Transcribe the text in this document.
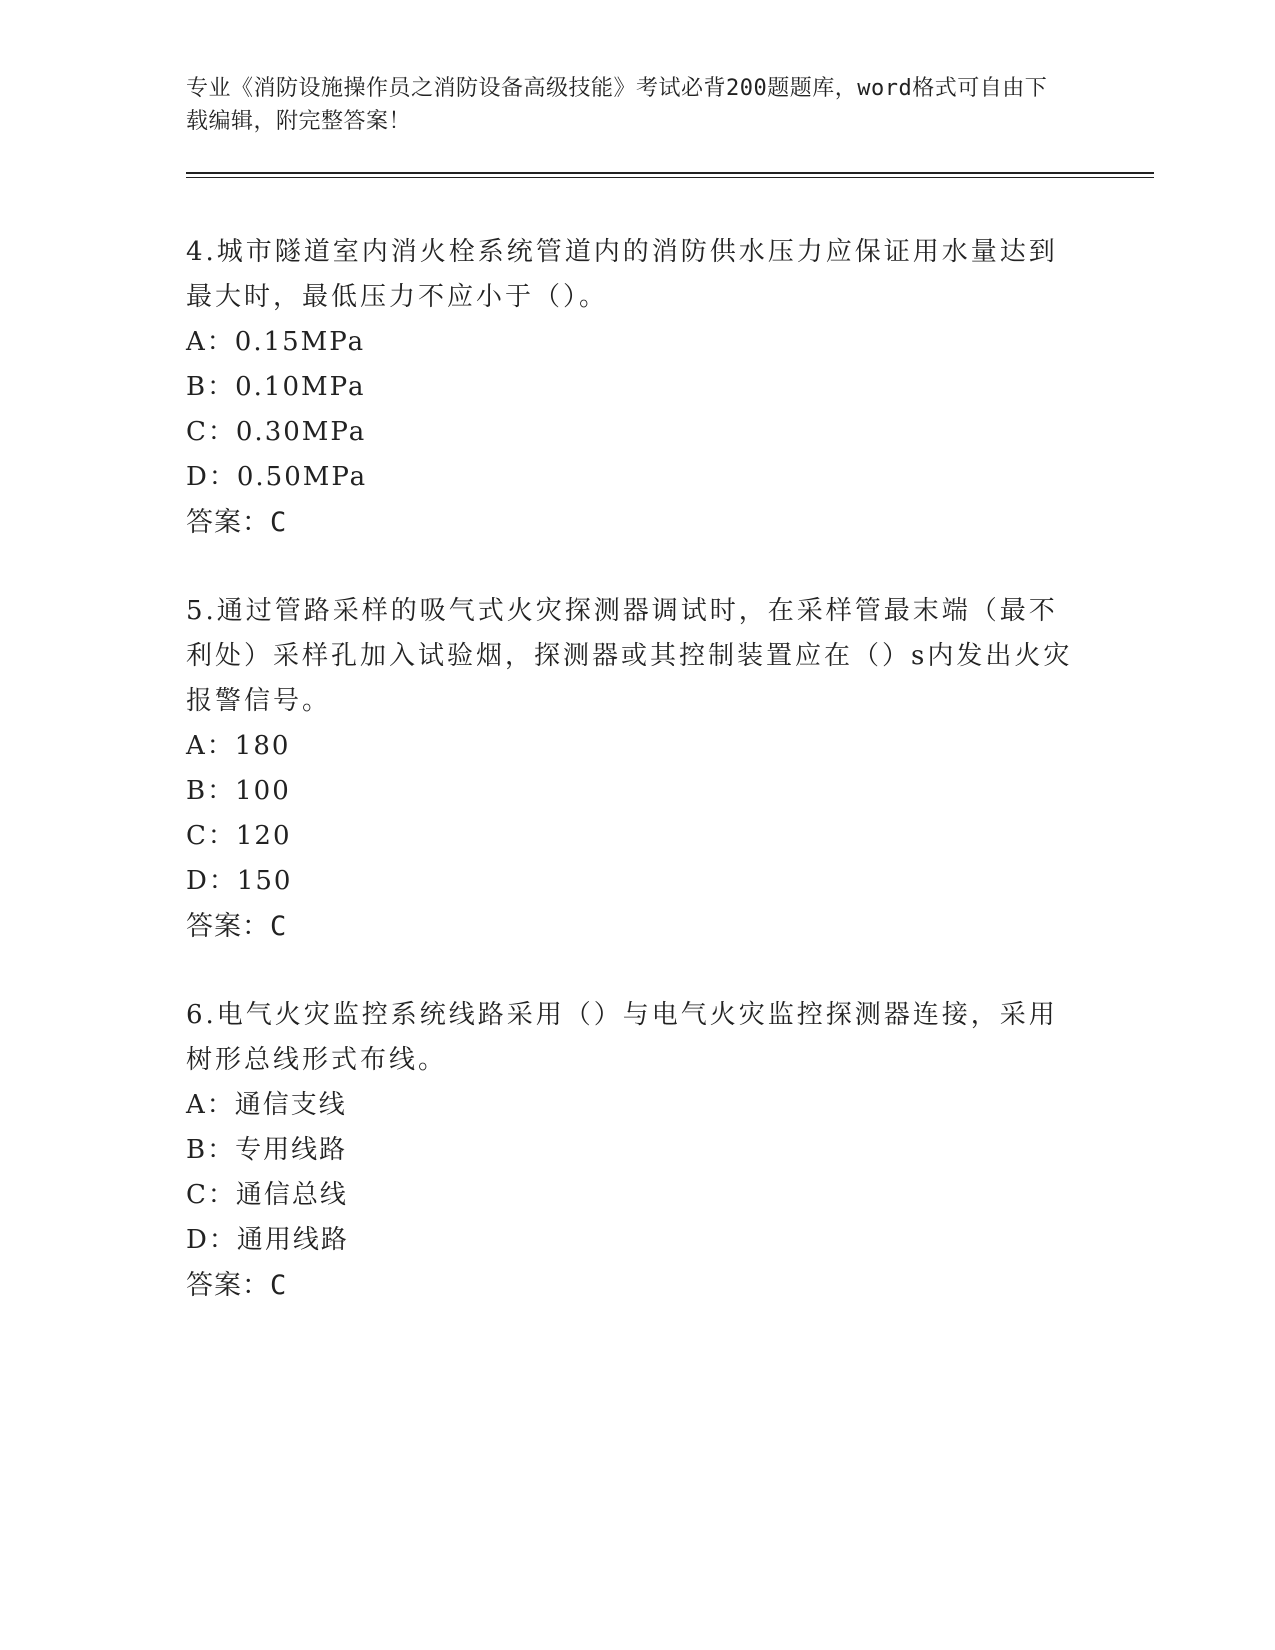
专业《消防设施操作员之消防设备高级技能》考试必背200题题库，word格式可自由下载编辑，附完整答案！
4.城市隧道室内消火栓系统管道内的消防供水压力应保证用水量达到最大时，最低压力不应小于（）。
A：0.15MPa
B：0.10MPa
C：0.30MPa
D：0.50MPa
答案：C
5.通过管路采样的吸气式火灾探测器调试时，在采样管最末端（最不利处）采样孔加入试验烟，探测器或其控制装置应在（）s内发出火灾报警信号。
A：180
B：100
C：120
D：150
答案：C
6.电气火灾监控系统线路采用（）与电气火灾监控探测器连接，采用树形总线形式布线。
A：通信支线
B：专用线路
C：通信总线
D：通用线路
答案：C
